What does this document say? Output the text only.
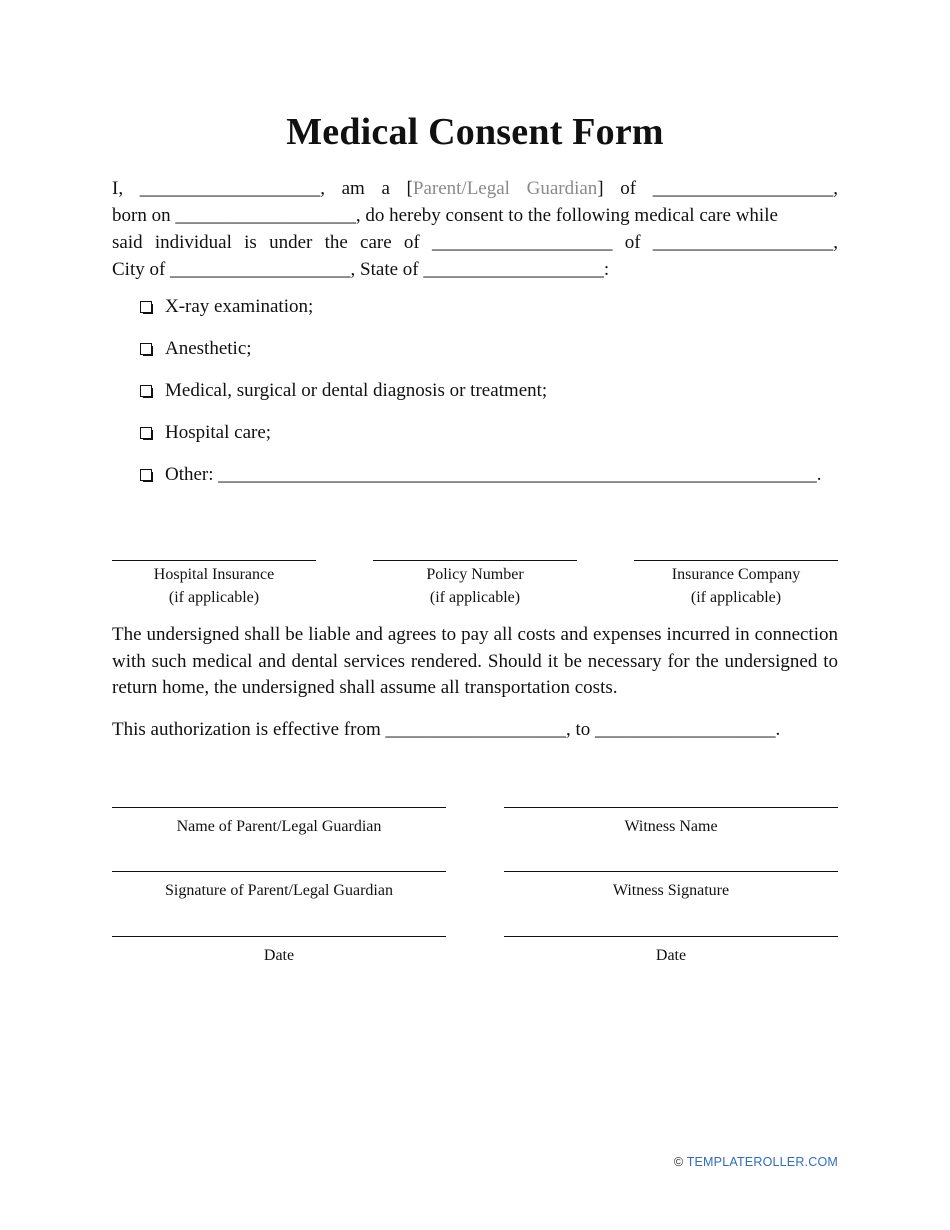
Medical Consent Form
I, ___________________, am a [Parent/Legal Guardian] of ___________________,
born on ___________________, do hereby consent to the following medical care while
said individual is under the care of ___________________ of ___________________,
City of ___________________, State of ___________________:
X-ray examination;
Anesthetic;
Medical, surgical or dental diagnosis or treatment;
Hospital care;
Other: _______________________________________________________________.
Hospital Insurance
(if applicable)
Policy Number
(if applicable)
Insurance Company
(if applicable)
The undersigned shall be liable and agrees to pay all costs and expenses incurred in connection with such medical and dental services rendered. Should it be necessary for the undersigned to return home, the undersigned shall assume all transportation costs.
This authorization is effective from ___________________, to ___________________.
Name of Parent/Legal Guardian	Witness Name
Signature of Parent/Legal Guardian	Witness Signature
Date	Date
© TEMPLATEROLLER.COM
